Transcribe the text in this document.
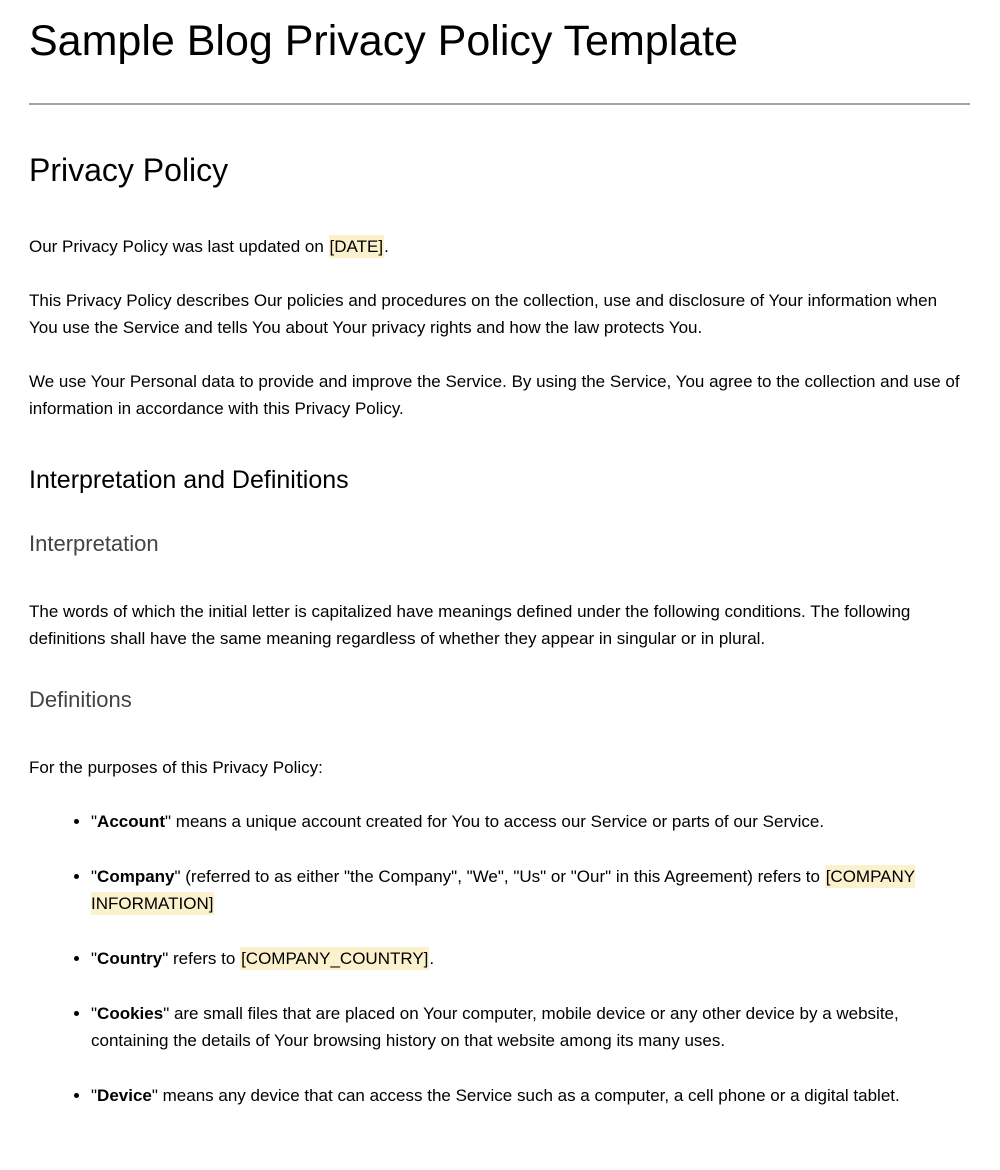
Sample Blog Privacy Policy Template
Privacy Policy

Our Privacy Policy was last updated on [DATE].

This Privacy Policy describes Our policies and procedures on the collection, use and disclosure of Your information when You use the Service and tells You about Your privacy rights and how the law protects You.

We use Your Personal data to provide and improve the Service. By using the Service, You agree to the collection and use of information in accordance with this Privacy Policy.

Interpretation and Definitions
Interpretation

The words of which the initial letter is capitalized have meanings defined under the following conditions. The following definitions shall have the same meaning regardless of whether they appear in singular or in plural.

Definitions

For the purposes of this Privacy Policy:

• "Account" means a unique account created for You to access our Service or parts of our Service.
• "Company" (referred to as either "the Company", "We", "Us" or "Our" in this Agreement) refers to [COMPANY INFORMATION]
• "Country" refers to [COMPANY_COUNTRY].
• "Cookies" are small files that are placed on Your computer, mobile device or any other device by a website, containing the details of Your browsing history on that website among its many uses.
• "Device" means any device that can access the Service such as a computer, a cell phone or a digital tablet.
